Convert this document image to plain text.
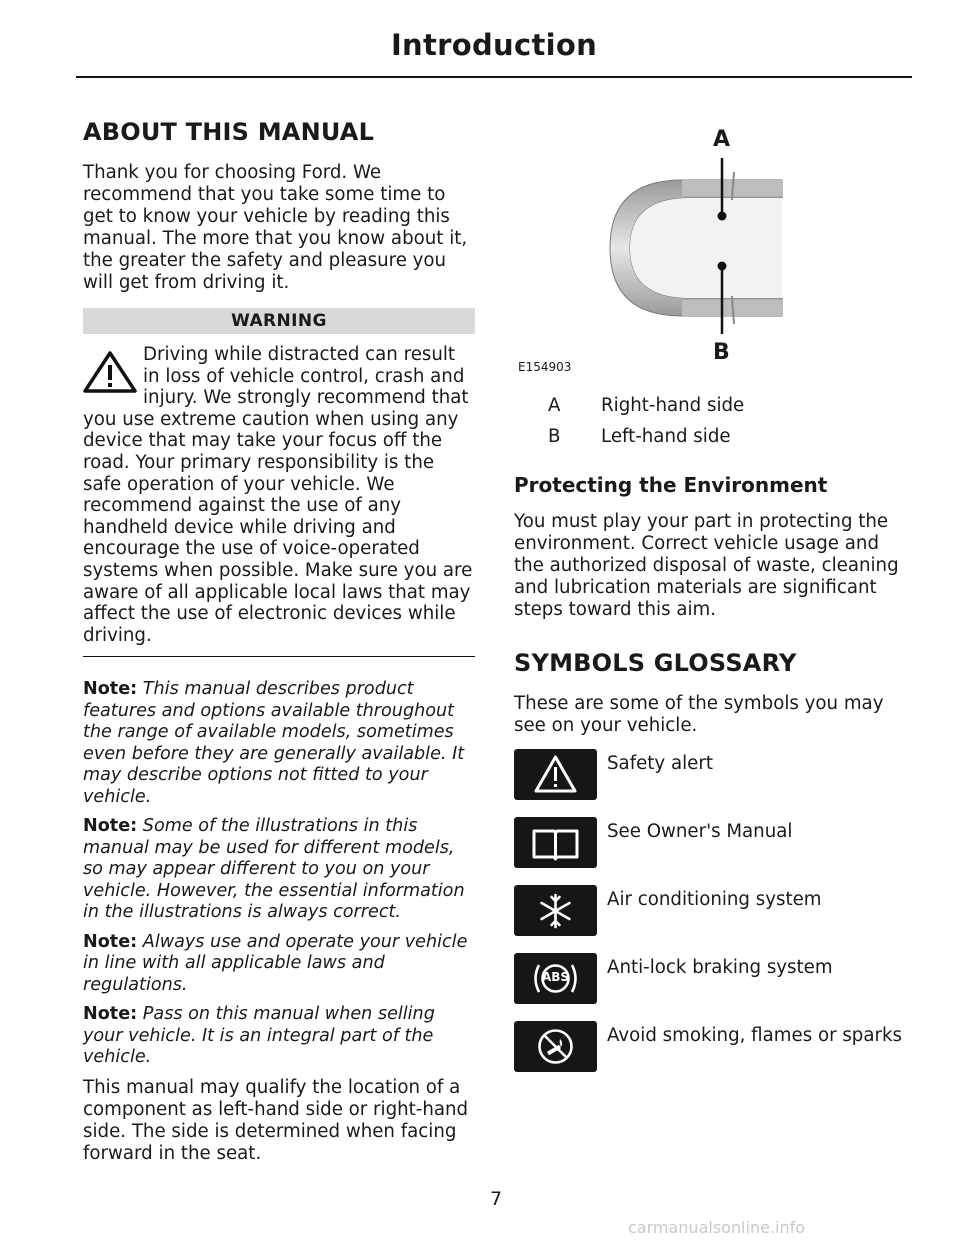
Introduction
ABOUT THIS MANUAL

Thank you for choosing Ford. We recommend that you take some time to get to know your vehicle by reading this manual. The more that you know about it, the greater the safety and pleasure you will get from driving it.

WARNING
Driving while distracted can result in loss of vehicle control, crash and injury. We strongly recommend that you use extreme caution when using any device that may take your focus off the road. Your primary responsibility is the safe operation of your vehicle. We recommend against the use of any handheld device while driving and encourage the use of voice-operated systems when possible. Make sure you are aware of all applicable local laws that may affect the use of electronic devices while driving.

Note: This manual describes product features and options available throughout the range of available models, sometimes even before they are generally available. It may describe options not fitted to your vehicle.

Note: Some of the illustrations in this manual may be used for different models, so may appear different to you on your vehicle. However, the essential information in the illustrations is always correct.

Note: Always use and operate your vehicle in line with all applicable laws and regulations.

Note: Pass on this manual when selling your vehicle. It is an integral part of the vehicle.

This manual may qualify the location of a component as left-hand side or right-hand side. The side is determined when facing forward in the seat.

A
B
E154903
A Right-hand side
B Left-hand side
Protecting the Environment

You must play your part in protecting the environment. Correct vehicle usage and the authorized disposal of waste, cleaning and lubrication materials are significant steps toward this aim.

SYMBOLS GLOSSARY

These are some of the symbols you may see on your vehicle.

Safety alert
See Owner's Manual
Air conditioning system
ABS	Anti-lock braking system
Avoid smoking, flames or sparks
7
carmanualsonline.info
